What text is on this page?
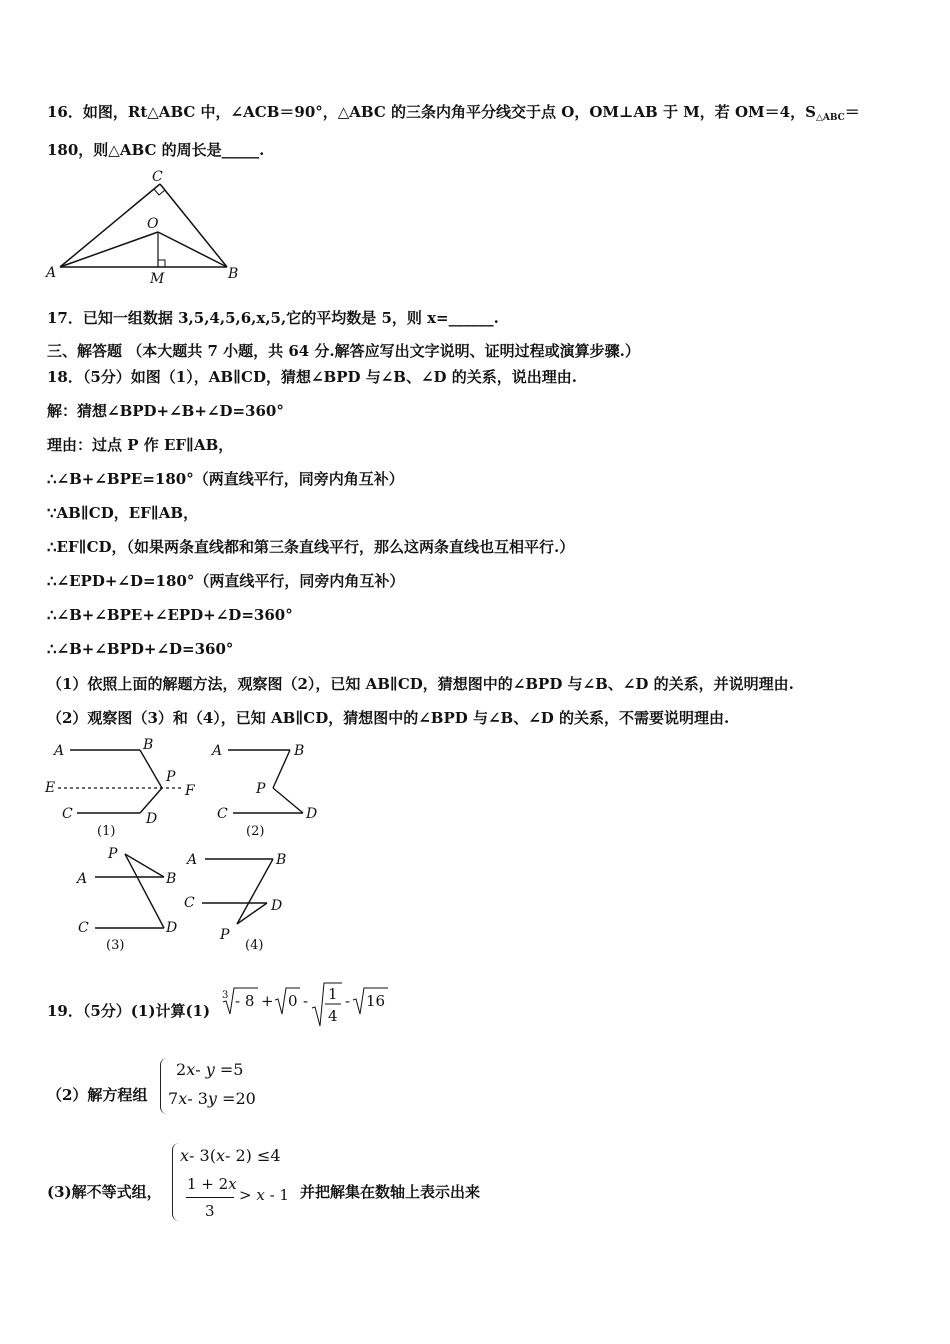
16．如图，Rt△ABC 中，∠ACB＝90°，△ABC 的三条内角平分线交于点 O，OM⊥AB 于 M，若 OM＝4，$S_{\triangle ABC}=$
180，则△ABC 的周长是_____.
A	B
C
O
M
17．已知一组数据 3,5,4,5,6,x,5,它的平均数是 5，则 x=______.
三、解答题 （本大题共 7 小题，共 64 分.解答应写出文字说明、证明过程或演算步骤.）
18．（5分）如图（1），AB∥CD，猜想∠BPD 与∠B、∠D 的关系，说出理由.
解：猜想∠BPD+∠B+∠D=360°
理由：过点 P 作 EF∥AB，
∴∠B+∠BPE=180°（两直线平行，同旁内角互补）
∵AB∥CD，EF∥AB，
∴EF∥CD，（如果两条直线都和第三条直线平行，那么这两条直线也互相平行.）
∴∠EPD+∠D=180°（两直线平行，同旁内角互补）
∴∠B+∠BPE+∠EPD+∠D=360°
∴∠B+∠BPD+∠D=360°
（1）依照上面的解题方法，观察图（2），已知 AB∥CD，猜想图中的∠BPD 与∠B、∠D 的关系，并说明理由.
（2）观察图（3）和（4），已知 AB∥CD，猜想图中的∠BPD 与∠B、∠D 的关系，不需要说明理由.
A	B
E
P
F
C	D
(1)
A	B
P
C	D
(2)
P
A	B
C	D
(3)
A	B
C	D
P
(4)
19．（5分）(1)计算(1)
3 - 8 + 0 - 1
4
- 16
（2）解方程组
2x- y =5
7x- 3y =20
(3)解不等式组，
x- 3(x- 2) ≤4
1 + 2x
3
> x - 1 并把解集在数轴上表示出来
